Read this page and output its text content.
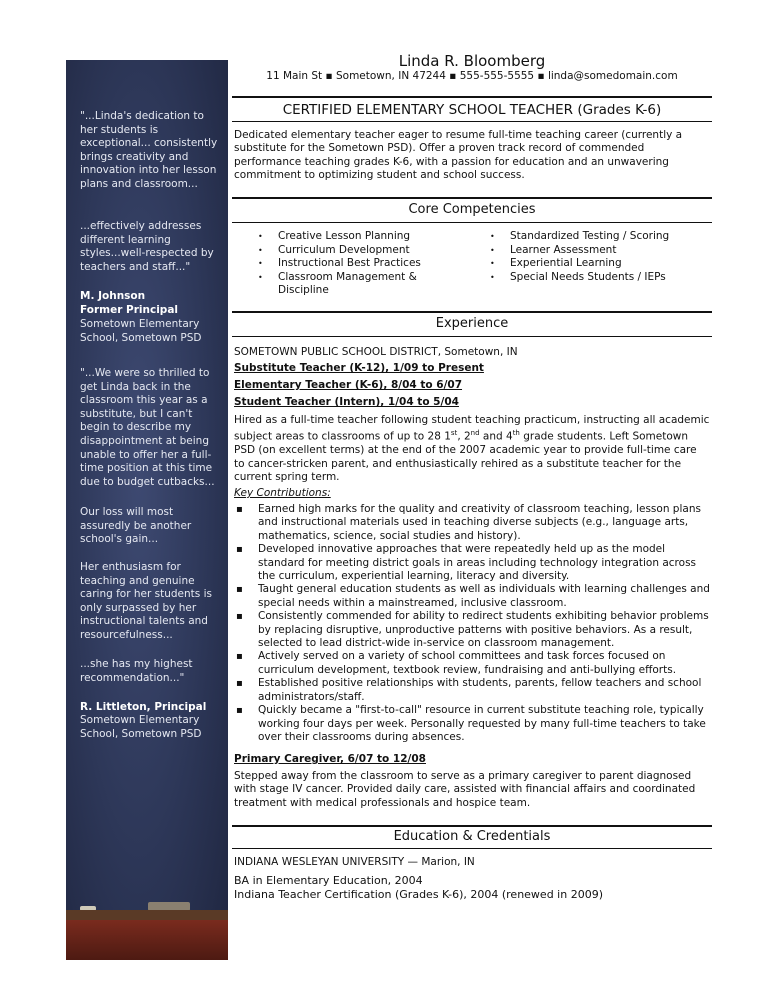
"...Linda's dedication to her students is exceptional... consistently brings creativity and innovation into her lesson plans and classroom...
...effectively addresses different learning styles...well-respected by teachers and staff..."
M. Johnson
Former Principal
Sometown Elementary School, Sometown PSD
"...We were so thrilled to get Linda back in the classroom this year as a substitute, but I can't begin to describe my disappointment at being unable to offer her a full-time position at this time due to budget cutbacks...
Our loss will most assuredly be another school's gain...
Her enthusiasm for teaching and genuine caring for her students is only surpassed by her instructional talents and resourcefulness...
...she has my highest recommendation..."
R. Littleton, Principal
Sometown Elementary School, Sometown PSD
Linda R. Bloomberg
11 Main St ▪ Sometown, IN 47244 ▪ 555-555-5555 ▪ linda@somedomain.com
CERTIFIED ELEMENTARY SCHOOL TEACHER (Grades K-6)
Dedicated elementary teacher eager to resume full-time teaching career (currently a substitute for the Sometown PSD). Offer a proven track record of commended performance teaching grades K-6, with a passion for education and an unwavering commitment to optimizing student and school success.
Core Competencies
• Creative Lesson Planning
• Curriculum Development
• Instructional Best Practices
• Classroom Management & Discipline
• Standardized Testing / Scoring
• Learner Assessment
• Experiential Learning
• Special Needs Students / IEPs
Experience
SOMETOWN PUBLIC SCHOOL DISTRICT, Sometown, IN
Substitute Teacher (K-12), 1/09 to Present
Elementary Teacher (K-6), 8/04 to 6/07
Student Teacher (Intern), 1/04 to 5/04
Hired as a full-time teacher following student teaching practicum, instructing all academic subject areas to classrooms of up to 28 1st, 2nd and 4th grade students. Left Sometown PSD (on excellent terms) at the end of the 2007 academic year to provide full-time care to cancer-stricken parent, and enthusiastically rehired as a substitute teacher for the current spring term.
Key Contributions:
▪ Earned high marks for the quality and creativity of classroom teaching, lesson plans and instructional materials used in teaching diverse subjects (e.g., language arts, mathematics, science, social studies and history).
▪ Developed innovative approaches that were repeatedly held up as the model standard for meeting district goals in areas including technology integration across the curriculum, experiential learning, literacy and diversity.
▪ Taught general education students as well as individuals with learning challenges and special needs within a mainstreamed, inclusive classroom.
▪ Consistently commended for ability to redirect students exhibiting behavior problems by replacing disruptive, unproductive patterns with positive behaviors. As a result, selected to lead district-wide in-service on classroom management.
▪ Actively served on a variety of school committees and task forces focused on curriculum development, textbook review, fundraising and anti-bullying efforts.
▪ Established positive relationships with students, parents, fellow teachers and school administrators/staff.
▪ Quickly became a "first-to-call" resource in current substitute teaching role, typically working four days per week. Personally requested by many full-time teachers to take over their classrooms during absences.
Primary Caregiver, 6/07 to 12/08
Stepped away from the classroom to serve as a primary caregiver to parent diagnosed with stage IV cancer. Provided daily care, assisted with financial affairs and coordinated treatment with medical professionals and hospice team.
Education & Credentials
INDIANA WESLEYAN UNIVERSITY — Marion, IN
BA in Elementary Education, 2004
Indiana Teacher Certification (Grades K-6), 2004 (renewed in 2009)
